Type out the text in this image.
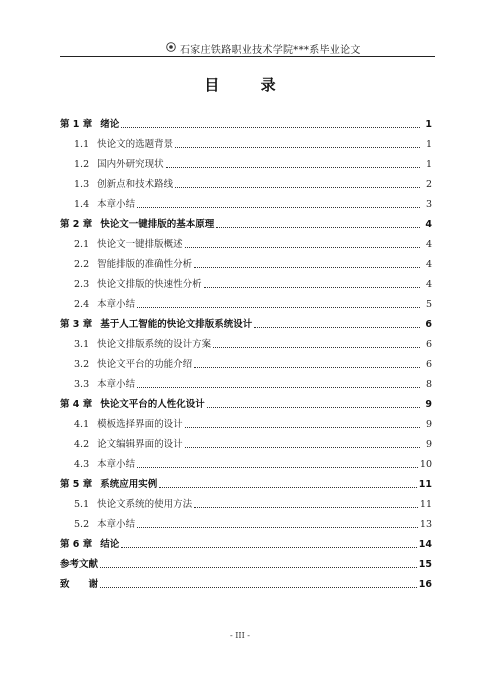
石家庄铁路职业技术学院***系毕业论文
目 录
第 1 章 绪论	1
1.1 快论文的选题背景	1
1.2 国内外研究现状	1
1.3 创新点和技术路线	2
1.4 本章小结	3
第 2 章 快论文一键排版的基本原理	4
2.1 快论文一键排版概述	4
2.2 智能排版的准确性分析	4
2.3 快论文排版的快速性分析	4
2.4 本章小结	5
第 3 章 基于人工智能的快论文排版系统设计	6
3.1 快论文排版系统的设计方案	6
3.2 快论文平台的功能介绍	6
3.3 本章小结	8
第 4 章 快论文平台的人性化设计	9
4.1 模板选择界面的设计	9
4.2 论文编辑界面的设计	9
4.3 本章小结	10
第 5 章 系统应用实例	11
5.1 快论文系统的使用方法	11
5.2 本章小结	13
第 6 章 结论	14
参考文献	15
致　　谢	16
- III -
